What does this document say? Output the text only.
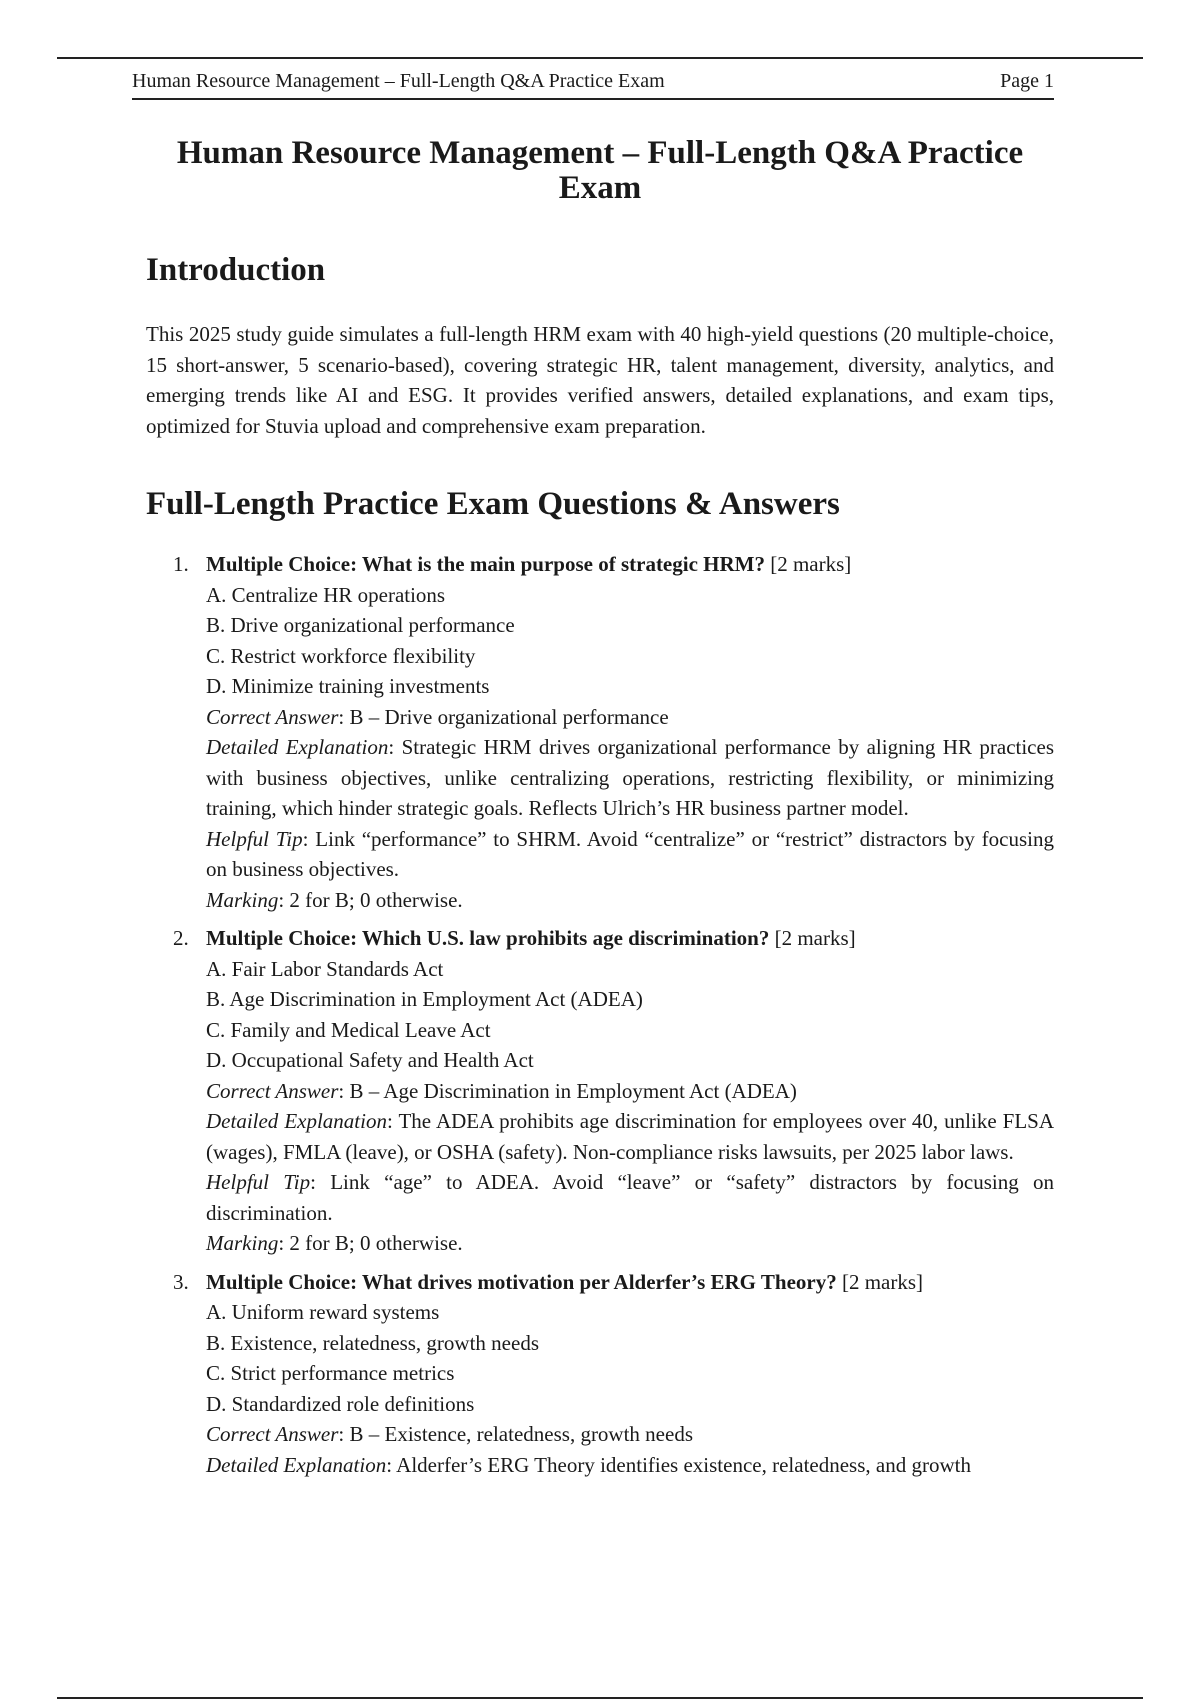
Human Resource Management – Full-Length Q&A Practice Exam	Page 1
Human Resource Management – Full-Length Q&A Practice Exam
Introduction

This 2025 study guide simulates a full-length HRM exam with 40 high-yield questions (20 multiple-choice, 15 short-answer, 5 scenario-based), covering strategic HR, talent management, diversity, analytics, and emerging trends like AI and ESG. It provides verified answers, detailed explanations, and exam tips, optimized for Stuvia upload and comprehensive exam preparation.

Full-Length Practice Exam Questions & Answers
1. Multiple Choice: What is the main purpose of strategic HRM? [2 marks]
A. Centralize HR operations
B. Drive organizational performance
C. Restrict workforce flexibility
D. Minimize training investments
Correct Answer: B – Drive organizational performance
Detailed Explanation: Strategic HRM drives organizational performance by aligning HR practices with business objectives, unlike centralizing operations, restricting flexibility, or minimizing training, which hinder strategic goals. Reflects Ulrich’s HR business partner model.
Helpful Tip: Link “performance” to SHRM. Avoid “centralize” or “restrict” distractors by focusing on business objectives.
Marking: 2 for B; 0 otherwise.
2. Multiple Choice: Which U.S. law prohibits age discrimination? [2 marks]
A. Fair Labor Standards Act
B. Age Discrimination in Employment Act (ADEA)
C. Family and Medical Leave Act
D. Occupational Safety and Health Act
Correct Answer: B – Age Discrimination in Employment Act (ADEA)
Detailed Explanation: The ADEA prohibits age discrimination for employees over 40, unlike FLSA (wages), FMLA (leave), or OSHA (safety). Non-compliance risks lawsuits, per 2025 labor laws.
Helpful Tip: Link “age” to ADEA. Avoid “leave” or “safety” distractors by focusing on discrimination.
Marking: 2 for B; 0 otherwise.
3. Multiple Choice: What drives motivation per Alderfer’s ERG Theory? [2 marks]
A. Uniform reward systems
B. Existence, relatedness, growth needs
C. Strict performance metrics
D. Standardized role definitions
Correct Answer: B – Existence, relatedness, growth needs
Detailed Explanation: Alderfer’s ERG Theory identifies existence, relatedness, and growth
